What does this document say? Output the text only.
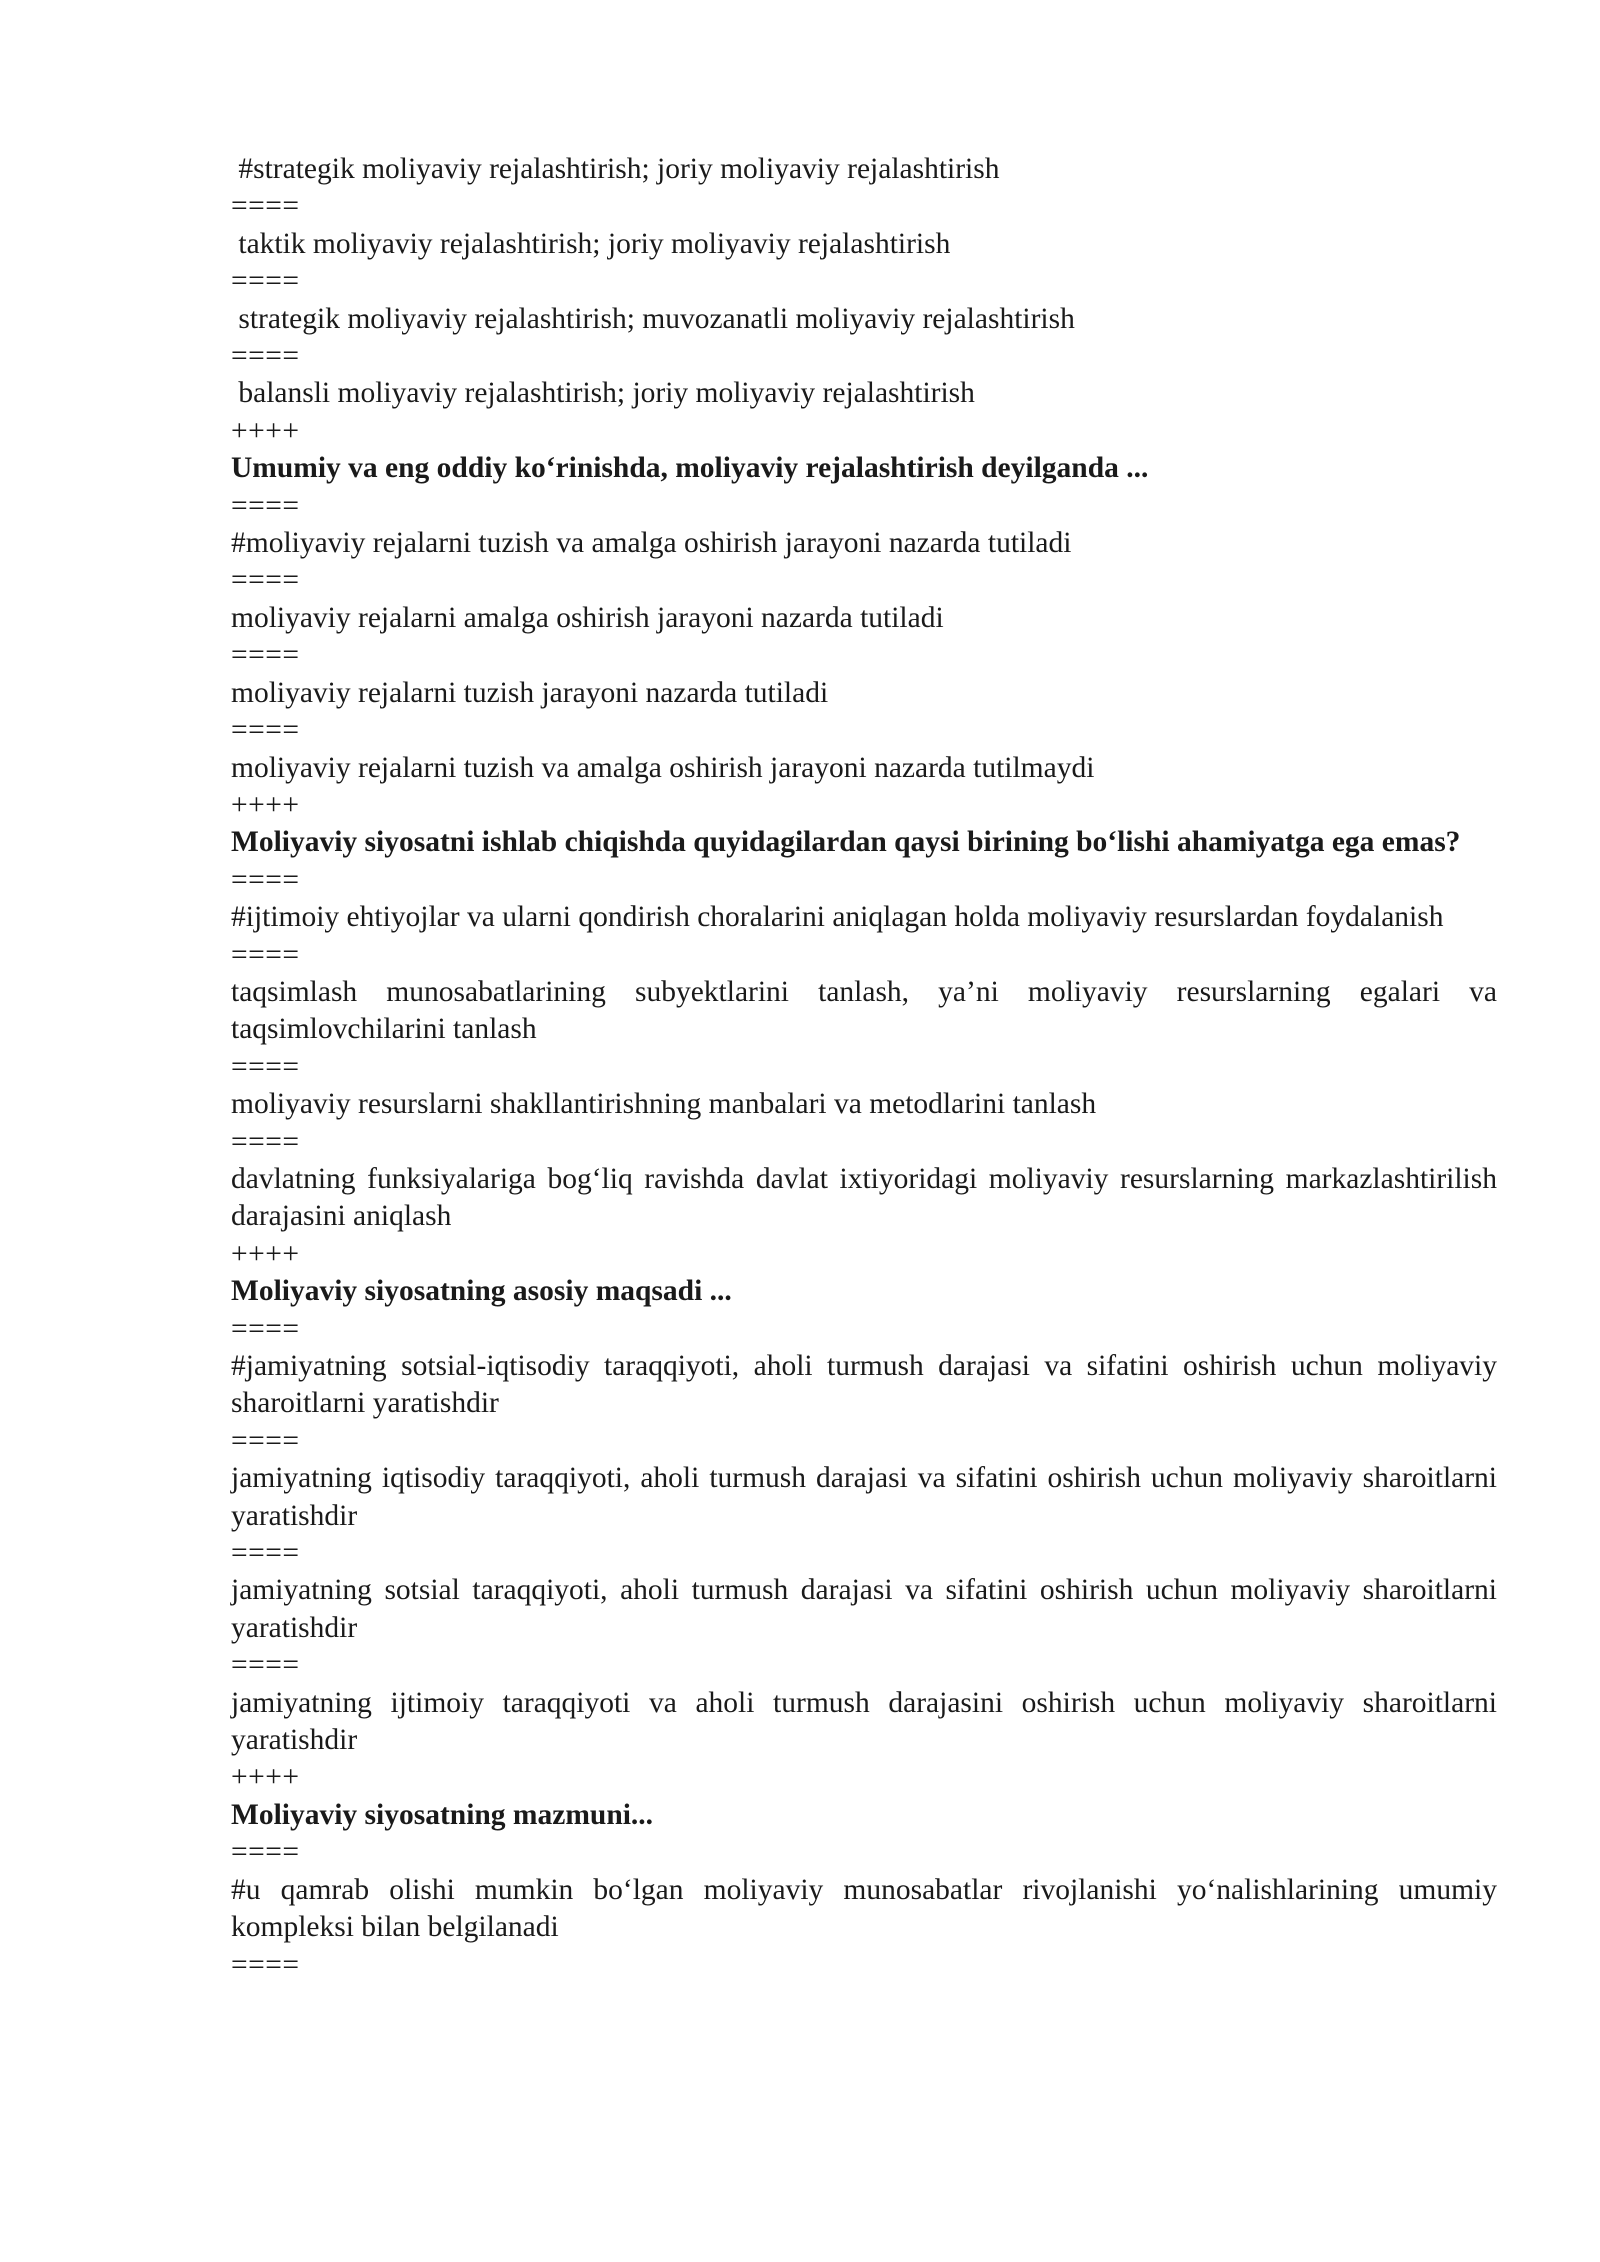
#strategik moliyaviy rejalashtirish; joriy moliyaviy rejalashtirish

====

taktik moliyaviy rejalashtirish; joriy moliyaviy rejalashtirish

====

strategik moliyaviy rejalashtirish; muvozanatli moliyaviy rejalashtirish

====

balansli moliyaviy rejalashtirish; joriy moliyaviy rejalashtirish

++++

Umumiy va eng oddiy ko‘rinishda, moliyaviy rejalashtirish deyilganda ...

====

#moliyaviy rejalarni tuzish va amalga oshirish jarayoni nazarda tutiladi

====

moliyaviy rejalarni amalga oshirish jarayoni nazarda tutiladi

====

moliyaviy rejalarni tuzish jarayoni nazarda tutiladi

====

moliyaviy rejalarni tuzish va amalga oshirish jarayoni nazarda tutilmaydi

++++

Moliyaviy siyosatni ishlab chiqishda quyidagilardan qaysi birining bo‘lishi ahamiyatga ega emas?

====

#ijtimoiy ehtiyojlar va ularni qondirish choralarini aniqlagan holda moliyaviy resurslardan foydalanish

====

taqsimlash munosabatlarining subyektlarini tanlash, ya’ni moliyaviy resurslarning egalari va taqsimlovchilarini tanlash

====

moliyaviy resurslarni shakllantirishning manbalari va metodlarini tanlash

====

davlatning funksiyalariga bog‘liq ravishda davlat ixtiyoridagi moliyaviy resurslarning markazlashtirilish darajasini aniqlash

++++

Moliyaviy siyosatning asosiy maqsadi ...

====

#jamiyatning sotsial-iqtisodiy taraqqiyoti, aholi turmush darajasi va sifatini oshirish uchun moliyaviy sharoitlarni yaratishdir

====

jamiyatning iqtisodiy taraqqiyoti, aholi turmush darajasi va sifatini oshirish uchun moliyaviy sharoitlarni yaratishdir

====

jamiyatning sotsial taraqqiyoti, aholi turmush darajasi va sifatini oshirish uchun moliyaviy sharoitlarni yaratishdir

====

jamiyatning ijtimoiy taraqqiyoti va aholi turmush darajasini oshirish uchun moliyaviy sharoitlarni yaratishdir

++++

Moliyaviy siyosatning mazmuni...

====

#u qamrab olishi mumkin bo‘lgan moliyaviy munosabatlar rivojlanishi yo‘nalishlarining umumiy kompleksi bilan belgilanadi

====
